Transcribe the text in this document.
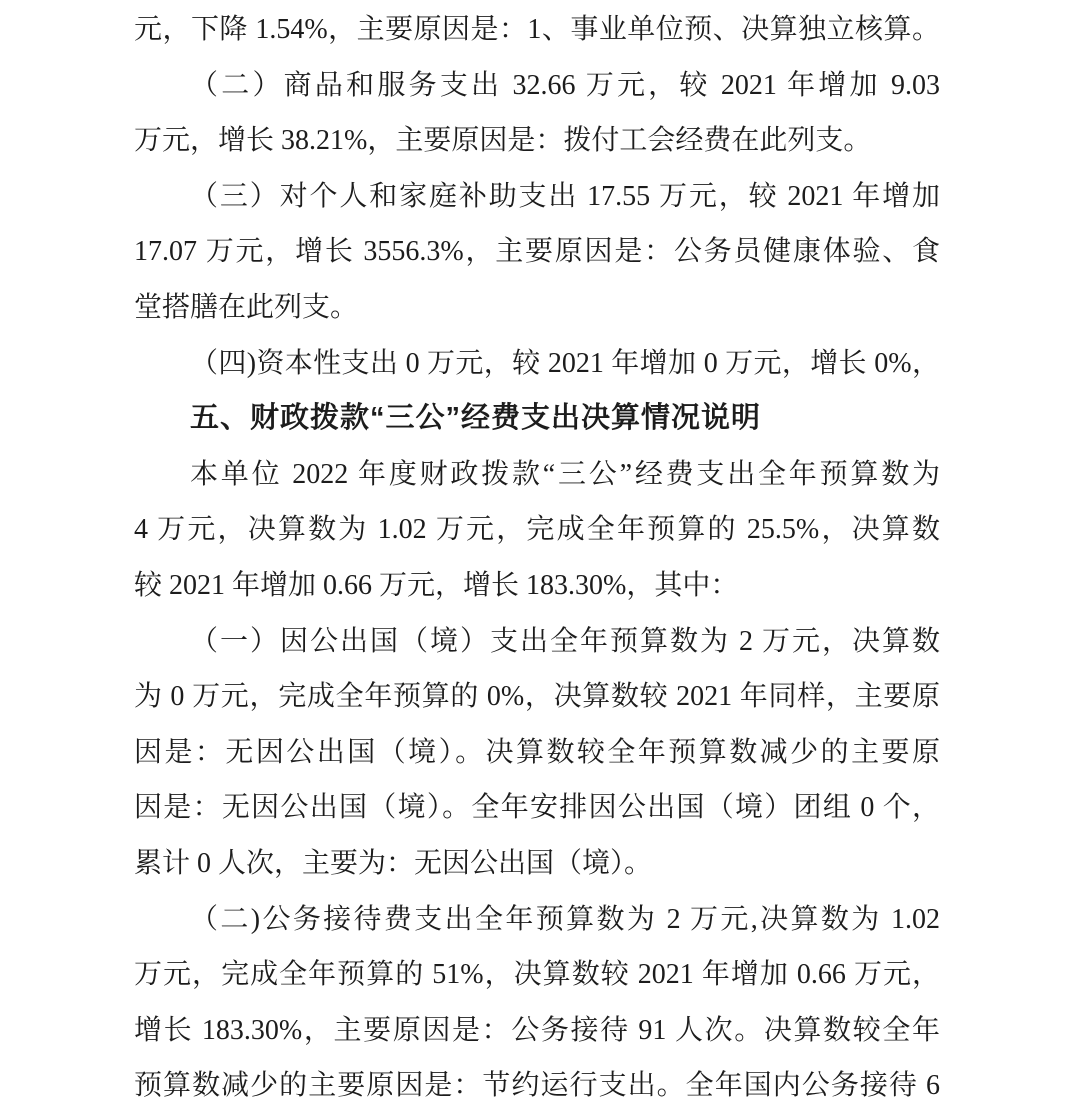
元，下降 1.54%，主要原因是：1、事业单位预、决算独立核算。
（二）商品和服务支出 32.66 万元，较 2021 年增加 9.03
万元，增长 38.21%，主要原因是：拨付工会经费在此列支。
（三）对个人和家庭补助支出 17.55 万元，较 2021 年增加
17.07 万元，增长 3556.3%，主要原因是：公务员健康体验、食
堂搭膳在此列支。
（四)资本性支出 0 万元，较 2021 年增加 0 万元，增长 0%，
五、财政拨款“三公”经费支出决算情况说明
本单位 2022 年度财政拨款“三公”经费支出全年预算数为
4 万元，决算数为 1.02 万元，完成全年预算的 25.5%，决算数
较 2021 年增加 0.66 万元，增长 183.30%，其中：
（一）因公出国（境）支出全年预算数为 2 万元，决算数
为 0 万元，完成全年预算的 0%，决算数较 2021 年同样，主要原
因是：无因公出国（境）。决算数较全年预算数减少的主要原
因是：无因公出国（境）。全年安排因公出国（境）团组 0 个，
累计 0 人次，主要为：无因公出国（境）。
（二)公务接待费支出全年预算数为 2 万元,决算数为 1.02
万元，完成全年预算的 51%，决算数较 2021 年增加 0.66 万元，
增长 183.30%，主要原因是：公务接待 91 人次。决算数较全年
预算数减少的主要原因是：节约运行支出。全年国内公务接待 6
